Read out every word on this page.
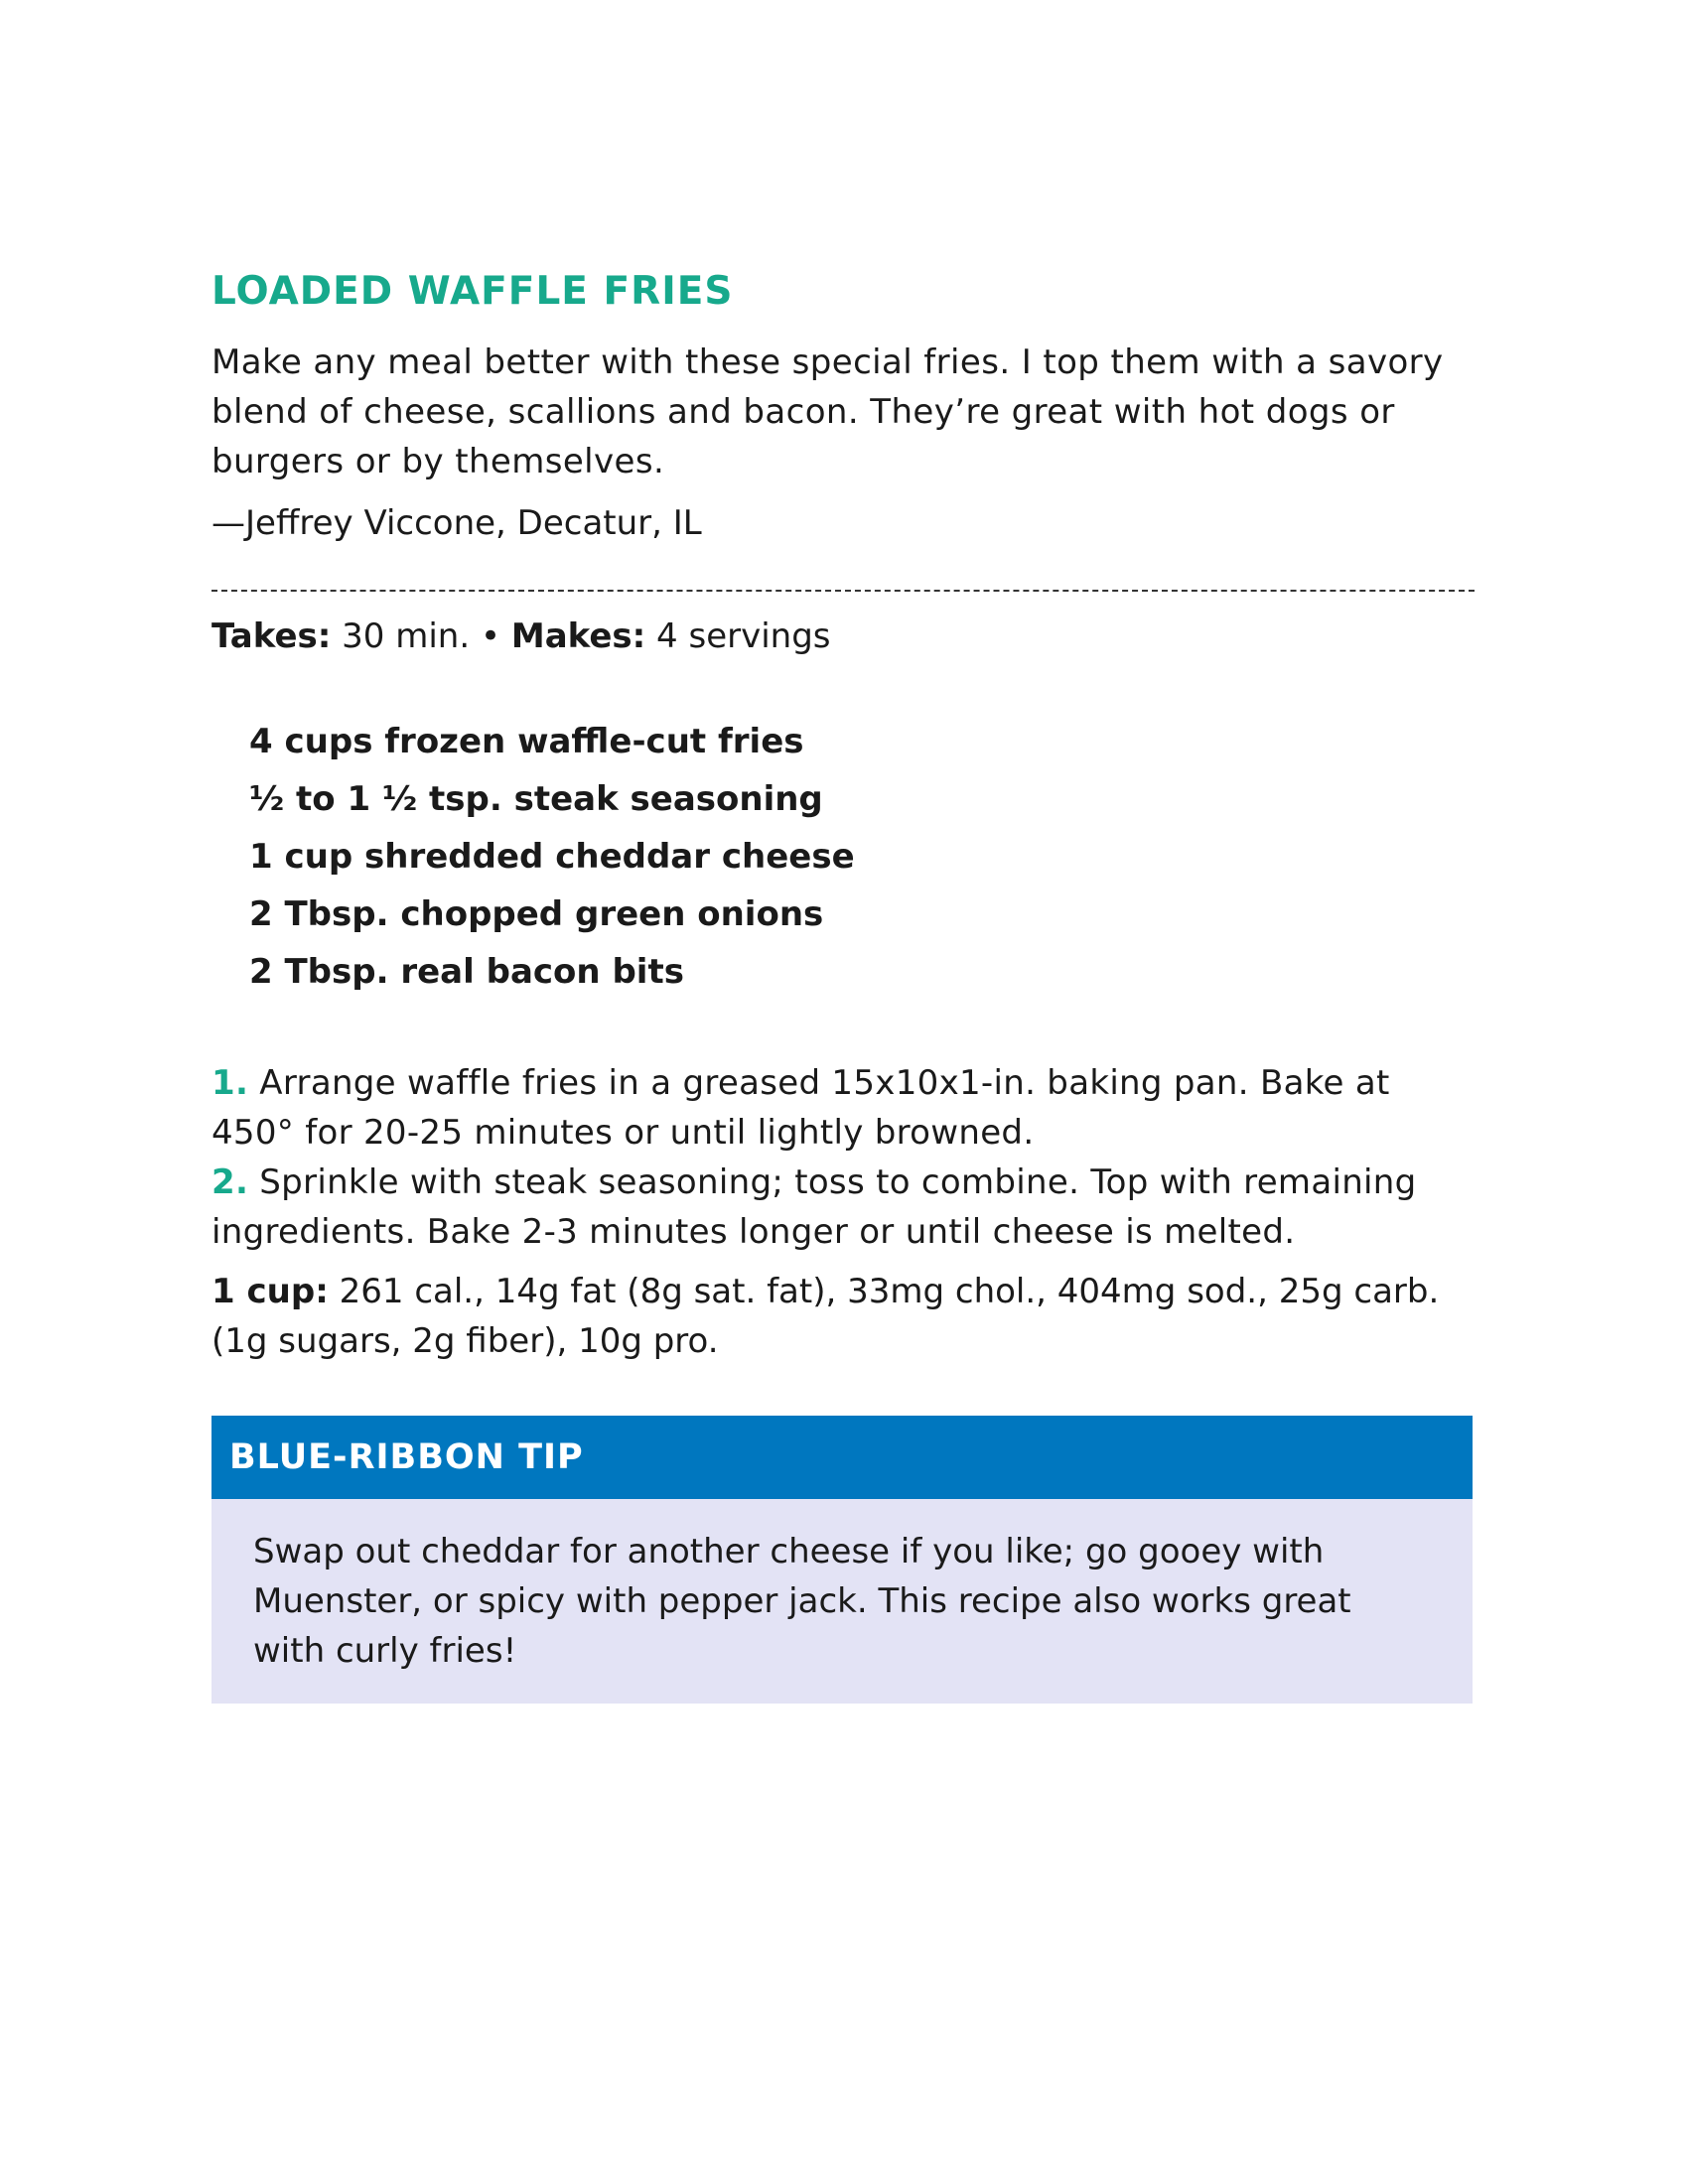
LOADED WAFFLE FRIES

Make any meal better with these special fries. I top them with a savory blend of cheese, scallions and bacon. They’re great with hot dogs or burgers or by themselves.

—Jeffrey Viccone, Decatur, IL

Takes: 30 min. • Makes: 4 servings
4 cups frozen waffle-cut fries
½ to 1 ½ tsp. steak seasoning
1 cup shredded cheddar cheese
2 Tbsp. chopped green onions
2 Tbsp. real bacon bits
1. Arrange waffle fries in a greased 15x10x1-in. baking pan. Bake at 450° for 20-25 minutes or until lightly browned.
2. Sprinkle with steak seasoning; toss to combine. Top with remaining ingredients. Bake 2-3 minutes longer or until cheese is melted.
1 cup: 261 cal., 14g fat (8g sat. fat), 33mg chol., 404mg sod., 25g carb. (1g sugars, 2g fiber), 10g pro.
BLUE-RIBBON TIP
Swap out cheddar for another cheese if you like; go gooey with Muenster, or spicy with pepper jack. This recipe also works great with curly fries!
